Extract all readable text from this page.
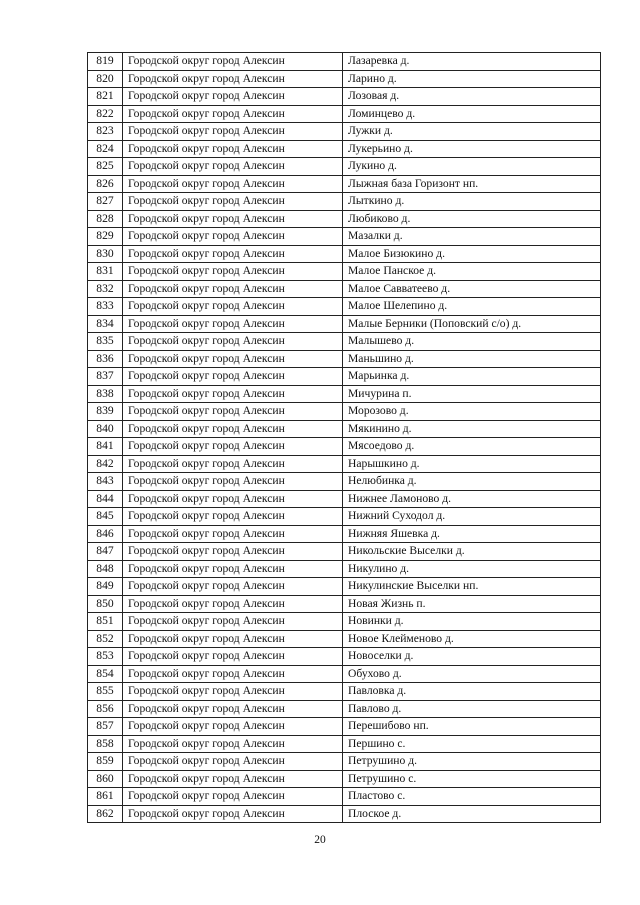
819	Городской округ город Алексин	Лазаревка д.
820	Городской округ город Алексин	Ларино д.
821	Городской округ город Алексин	Лозовая д.
822	Городской округ город Алексин	Ломинцево д.
823	Городской округ город Алексин	Лужки д.
824	Городской округ город Алексин	Лукерьино д.
825	Городской округ город Алексин	Лукино д.
826	Городской округ город Алексин	Лыжная база Горизонт нп.
827	Городской округ город Алексин	Лыткино д.
828	Городской округ город Алексин	Любиково д.
829	Городской округ город Алексин	Мазалки д.
830	Городской округ город Алексин	Малое Бизюкино д.
831	Городской округ город Алексин	Малое Панское д.
832	Городской округ город Алексин	Малое Савватеево д.
833	Городской округ город Алексин	Малое Шелепино д.
834	Городской округ город Алексин	Малые Берники (Поповский с/о) д.
835	Городской округ город Алексин	Малышево д.
836	Городской округ город Алексин	Маньшино д.
837	Городской округ город Алексин	Марьинка д.
838	Городской округ город Алексин	Мичурина п.
839	Городской округ город Алексин	Морозово д.
840	Городской округ город Алексин	Мякинино д.
841	Городской округ город Алексин	Мясоедово д.
842	Городской округ город Алексин	Нарышкино д.
843	Городской округ город Алексин	Нелюбинка д.
844	Городской округ город Алексин	Нижнее Ламоново д.
845	Городской округ город Алексин	Нижний Суходол д.
846	Городской округ город Алексин	Нижняя Яшевка д.
847	Городской округ город Алексин	Никольские Выселки д.
848	Городской округ город Алексин	Никулино д.
849	Городской округ город Алексин	Никулинские Выселки нп.
850	Городской округ город Алексин	Новая Жизнь п.
851	Городской округ город Алексин	Новинки д.
852	Городской округ город Алексин	Новое Клейменово д.
853	Городской округ город Алексин	Новоселки д.
854	Городской округ город Алексин	Обухово д.
855	Городской округ город Алексин	Павловка д.
856	Городской округ город Алексин	Павлово д.
857	Городской округ город Алексин	Перешибово нп.
858	Городской округ город Алексин	Першино с.
859	Городской округ город Алексин	Петрушино д.
860	Городской округ город Алексин	Петрушино с.
861	Городской округ город Алексин	Пластово с.
862	Городской округ город Алексин	Плоское д.
20
